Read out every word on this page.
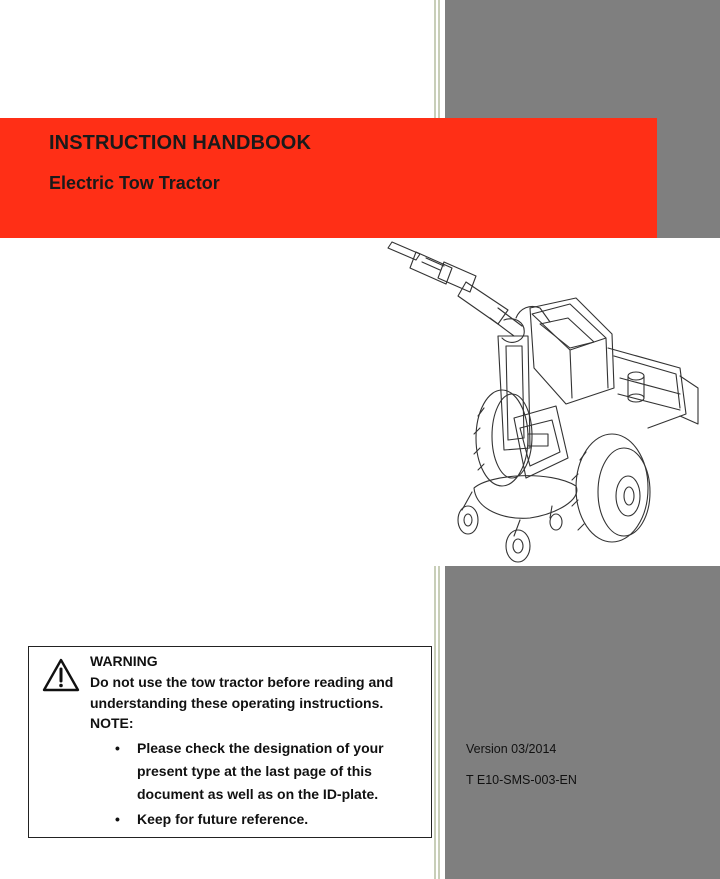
INSTRUCTION HANDBOOK
Electric Tow Tractor
WARNING
Do not use the tow tractor before reading and understanding these operating instructions.
NOTE:
• Please check the designation of your present type at the last page of this document as well as on the ID-plate.
• Keep for future reference.
Version 03/2014
T E10-SMS-003-EN
